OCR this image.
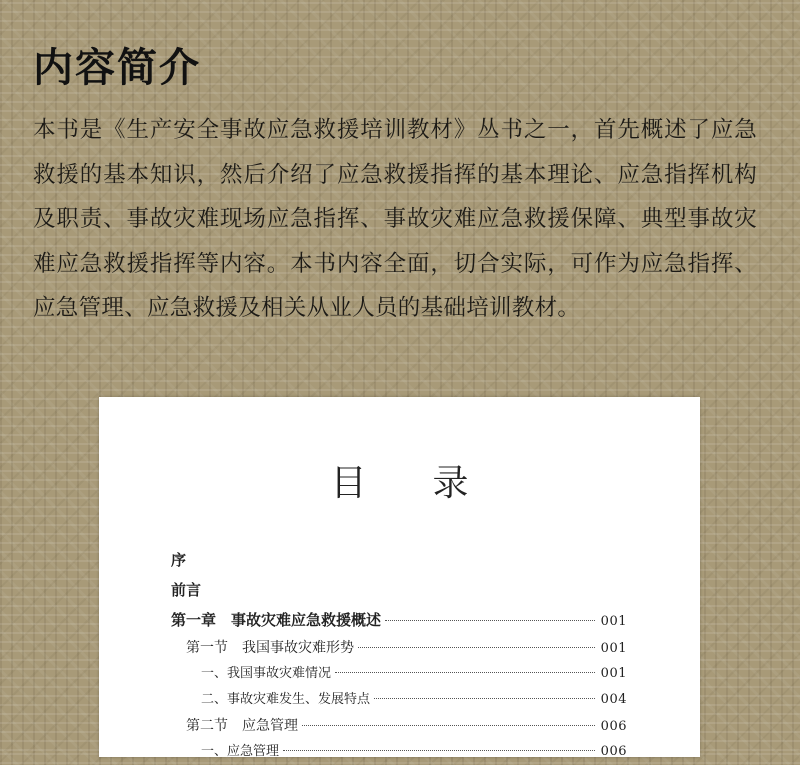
内容简介

本书是《生产安全事故应急救援培训教材》丛书之一，首先概述了应急救援的基本知识，然后介绍了应急救援指挥的基本理论、应急指挥机构及职责、事故灾难现场应急指挥、事故灾难应急救援保障、典型事故灾难应急救援指挥等内容。本书内容全面，切合实际，可作为应急指挥、应急管理、应急救援及相关从业人员的基础培训教材。

目 录
序
前言
第一章　事故灾难应急救援概述	001
第一节　我国事故灾难形势	001
一、我国事故灾难情况	001
二、事故灾难发生、发展特点	004
第二节　应急管理	006
一、应急管理	006
